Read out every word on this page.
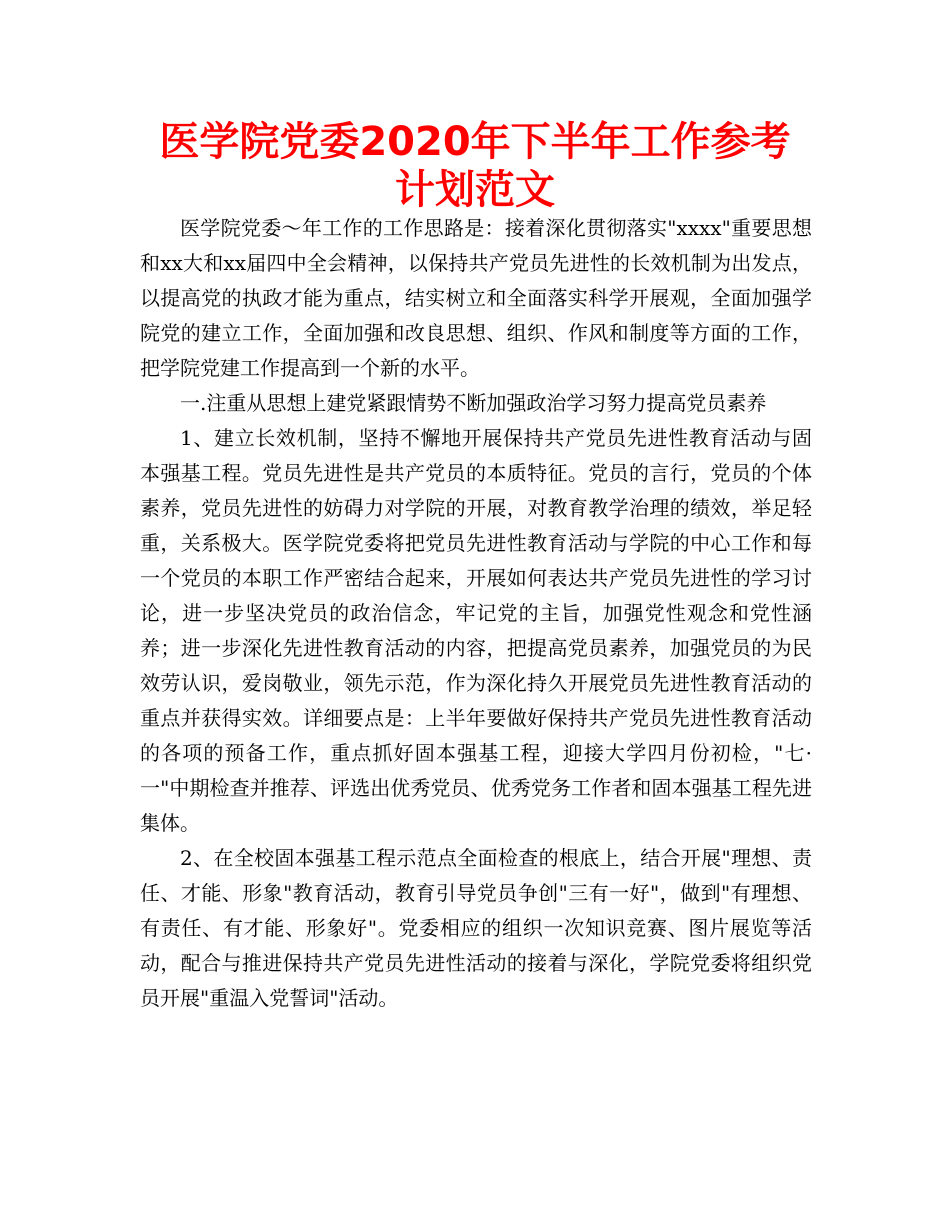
医学院党委2020年下半年工作参考计划范文

医学院党委～年工作的工作思路是：接着深化贯彻落实"xxxx"重要思想和xx大和xx届四中全会精神，以保持共产党员先进性的长效机制为出发点，以提高党的执政才能为重点，结实树立和全面落实科学开展观，全面加强学院党的建立工作，全面加强和改良思想、组织、作风和制度等方面的工作，把学院党建工作提高到一个新的水平。

一.注重从思想上建党紧跟情势不断加强政治学习努力提高党员素养

1、建立长效机制，坚持不懈地开展保持共产党员先进性教育活动与固本强基工程。党员先进性是共产党员的本质特征。党员的言行，党员的个体素养，党员先进性的妨碍力对学院的开展，对教育教学治理的绩效，举足轻重，关系极大。医学院党委将把党员先进性教育活动与学院的中心工作和每一个党员的本职工作严密结合起来，开展如何表达共产党员先进性的学习讨论，进一步坚决党员的政治信念，牢记党的主旨，加强党性观念和党性涵养；进一步深化先进性教育活动的内容，把提高党员素养，加强党员的为民效劳认识，爱岗敬业，领先示范，作为深化持久开展党员先进性教育活动的重点并获得实效。详细要点是：上半年要做好保持共产党员先进性教育活动的各项的预备工作，重点抓好固本强基工程，迎接大学四月份初检，"七·一"中期检查并推荐、评选出优秀党员、优秀党务工作者和固本强基工程先进集体。

2、在全校固本强基工程示范点全面检查的根底上，结合开展"理想、责任、才能、形象"教育活动，教育引导党员争创"三有一好"，做到"有理想、有责任、有才能、形象好"。党委相应的组织一次知识竞赛、图片展览等活动，配合与推进保持共产党员先进性活动的接着与深化，学院党委将组织党员开展"重温入党誓词"活动。
